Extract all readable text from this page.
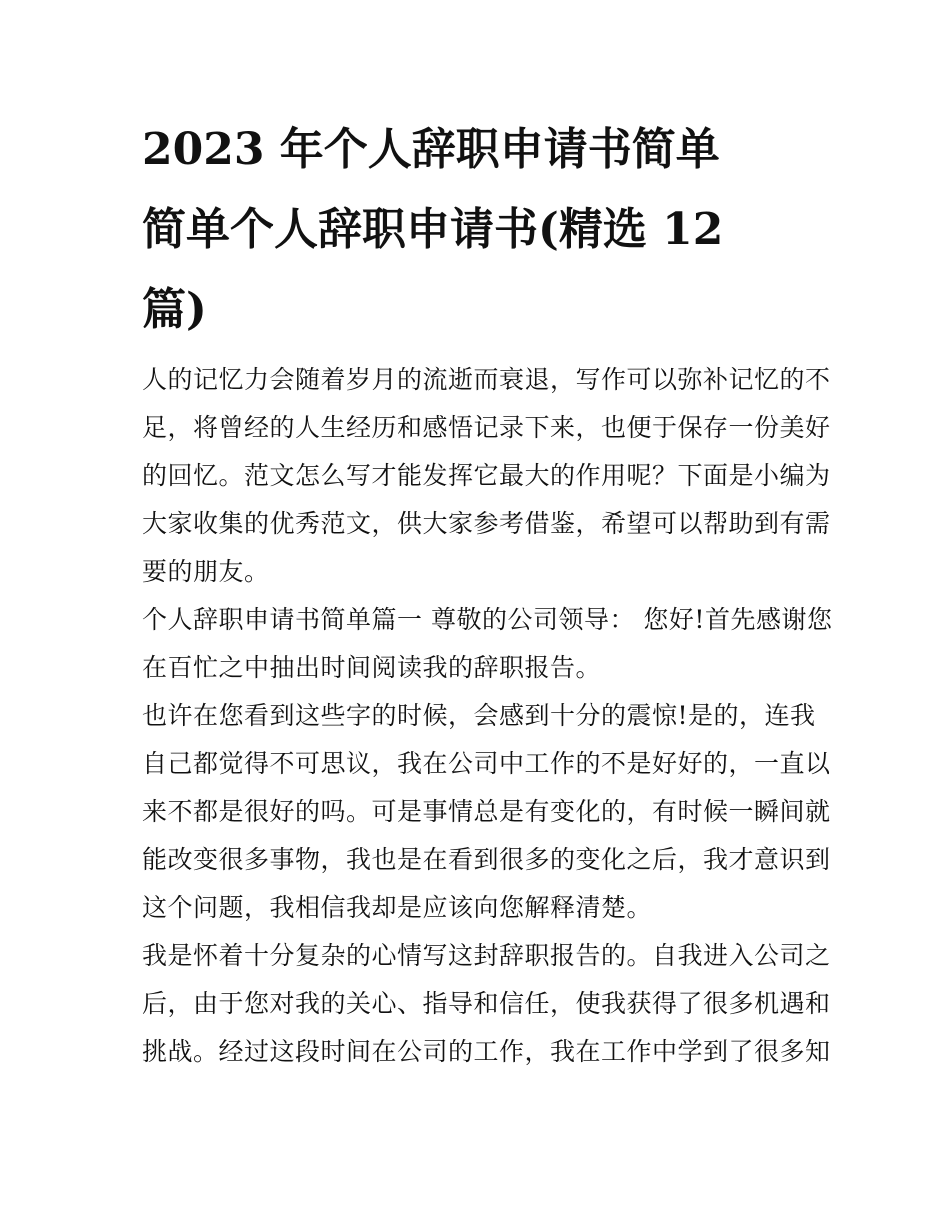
2023 年个人辞职申请书简单
简单个人辞职申请书(精选 12
篇)

人的记忆力会随着岁月的流逝而衰退，写作可以弥补记忆的不
足，将曾经的人生经历和感悟记录下来，也便于保存一份美好
的回忆。范文怎么写才能发挥它最大的作用呢？下面是小编为
大家收集的优秀范文，供大家参考借鉴，希望可以帮助到有需
要的朋友。

个人辞职申请书简单篇一 尊敬的公司领导： 您好!首先感谢您
在百忙之中抽出时间阅读我的辞职报告。

也许在您看到这些字的时候，会感到十分的震惊!是的，连我
自己都觉得不可思议，我在公司中工作的不是好好的，一直以
来不都是很好的吗。可是事情总是有变化的，有时候一瞬间就
能改变很多事物，我也是在看到很多的变化之后，我才意识到
这个问题，我相信我却是应该向您解释清楚。

我是怀着十分复杂的心情写这封辞职报告的。自我进入公司之
后，由于您对我的关心、指导和信任，使我获得了很多机遇和
挑战。经过这段时间在公司的工作，我在工作中学到了很多知
